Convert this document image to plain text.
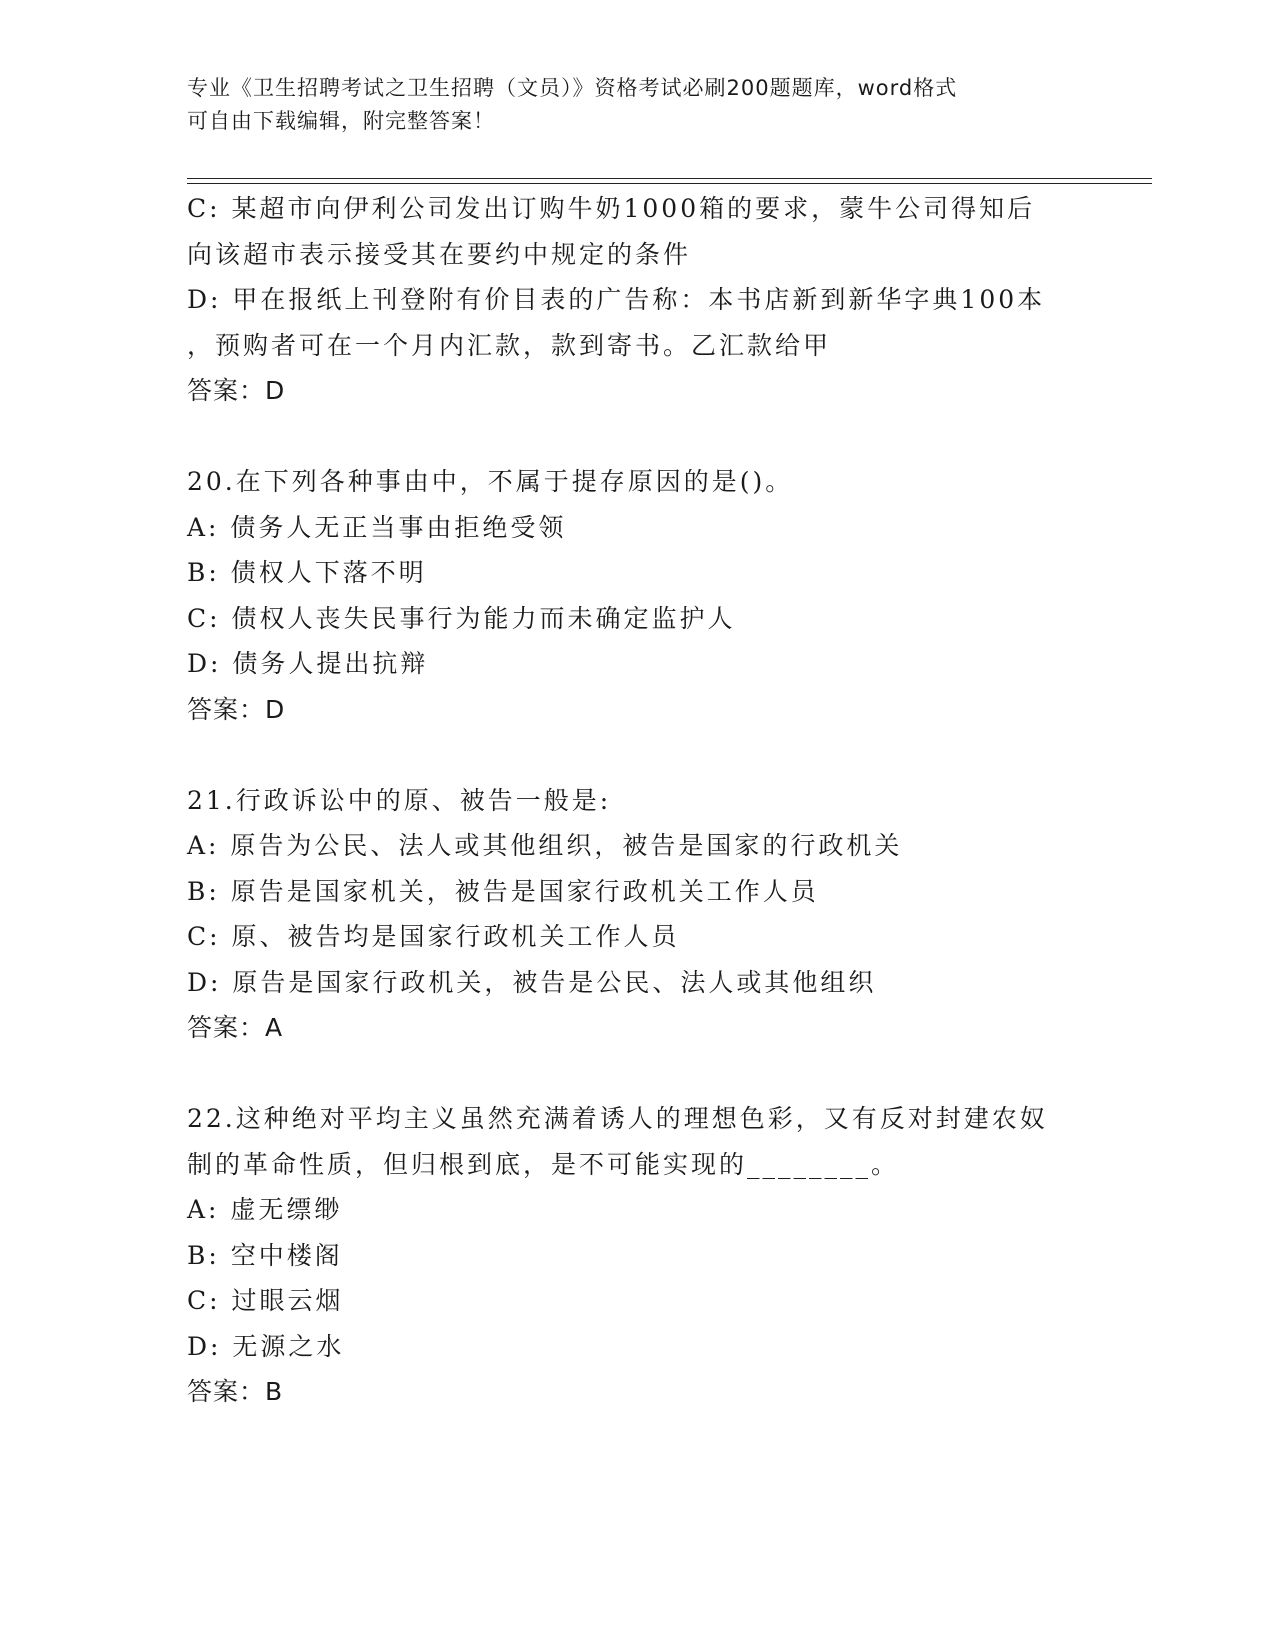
专业《卫生招聘考试之卫生招聘（文员）》资格考试必刷200题题库，word格式
可自由下载编辑，附完整答案！
C: 某超市向伊利公司发出订购牛奶1000箱的要求，蒙牛公司得知后
向该超市表示接受其在要约中规定的条件
D: 甲在报纸上刊登附有价目表的广告称：本书店新到新华字典100本
，预购者可在一个月内汇款，款到寄书。乙汇款给甲
答案：D
20.在下列各种事由中，不属于提存原因的是()。
A: 债务人无正当事由拒绝受领
B: 债权人下落不明
C: 债权人丧失民事行为能力而未确定监护人
D: 债务人提出抗辩
答案：D
21.行政诉讼中的原、被告一般是:
A: 原告为公民、法人或其他组织，被告是国家的行政机关
B: 原告是国家机关，被告是国家行政机关工作人员
C: 原、被告均是国家行政机关工作人员
D: 原告是国家行政机关，被告是公民、法人或其他组织
答案：A
22.这种绝对平均主义虽然充满着诱人的理想色彩，又有反对封建农奴
制的革命性质，但归根到底，是不可能实现的________。
A: 虚无缥缈
B: 空中楼阁
C: 过眼云烟
D: 无源之水
答案：B
